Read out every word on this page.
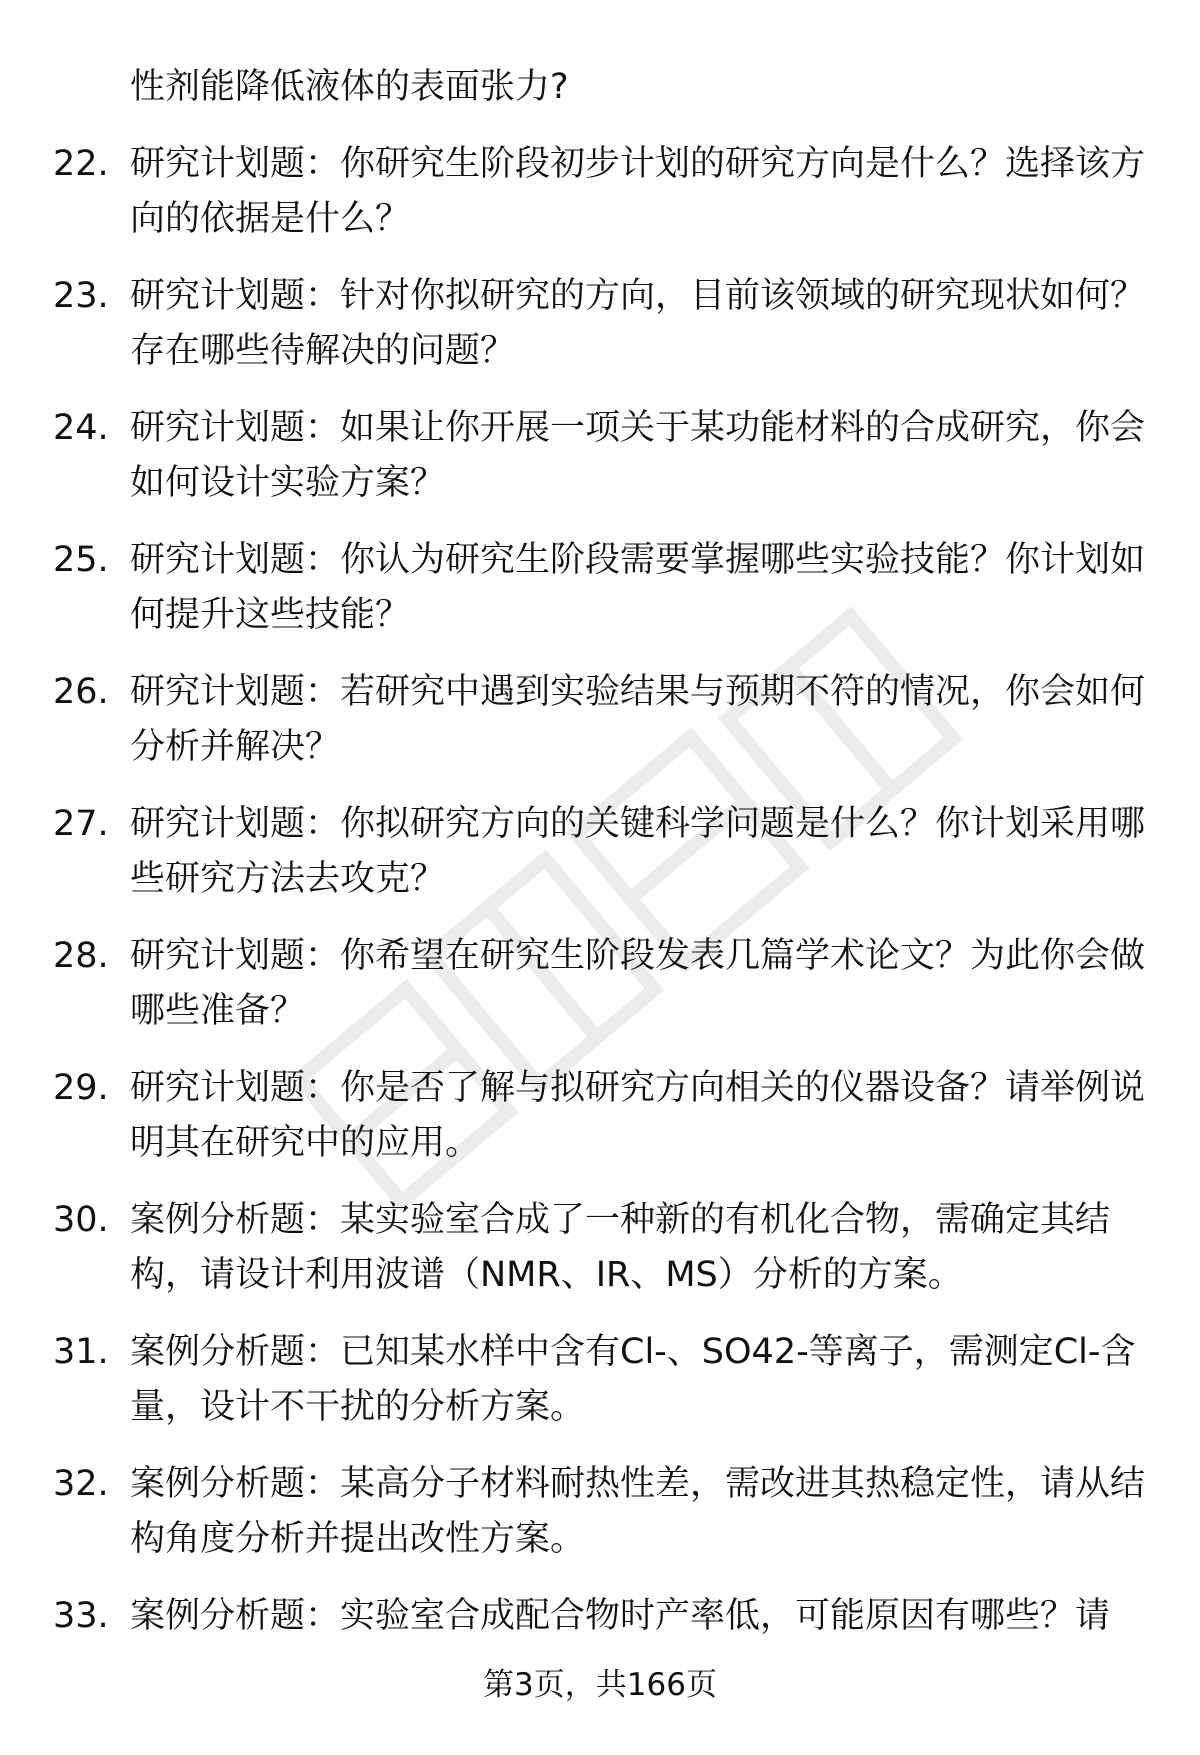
性剂能降低液体的表面张力?
22. 研究计划题：你研究生阶段初步计划的研究方向是什么？选择该方向的依据是什么？
23. 研究计划题：针对你拟研究的方向，目前该领域的研究现状如何？存在哪些待解决的问题？
24. 研究计划题：如果让你开展一项关于某功能材料的合成研究，你会如何设计实验方案？
25. 研究计划题：你认为研究生阶段需要掌握哪些实验技能？你计划如何提升这些技能？
26. 研究计划题：若研究中遇到实验结果与预期不符的情况，你会如何分析并解决？
27. 研究计划题：你拟研究方向的关键科学问题是什么？你计划采用哪些研究方法去攻克？
28. 研究计划题：你希望在研究生阶段发表几篇学术论文？为此你会做哪些准备？
29. 研究计划题：你是否了解与拟研究方向相关的仪器设备？请举例说明其在研究中的应用。
30. 案例分析题：某实验室合成了一种新的有机化合物，需确定其结构，请设计利用波谱（NMR、IR、MS）分析的方案。
31. 案例分析题：已知某水样中含有Cl-、SO42-等离子，需测定Cl-含量，设计不干扰的分析方案。
32. 案例分析题：某高分子材料耐热性差，需改进其热稳定性，请从结构角度分析并提出改性方案。
33. 案例分析题：实验室合成配合物时产率低，可能原因有哪些？请
第3页，共166页
